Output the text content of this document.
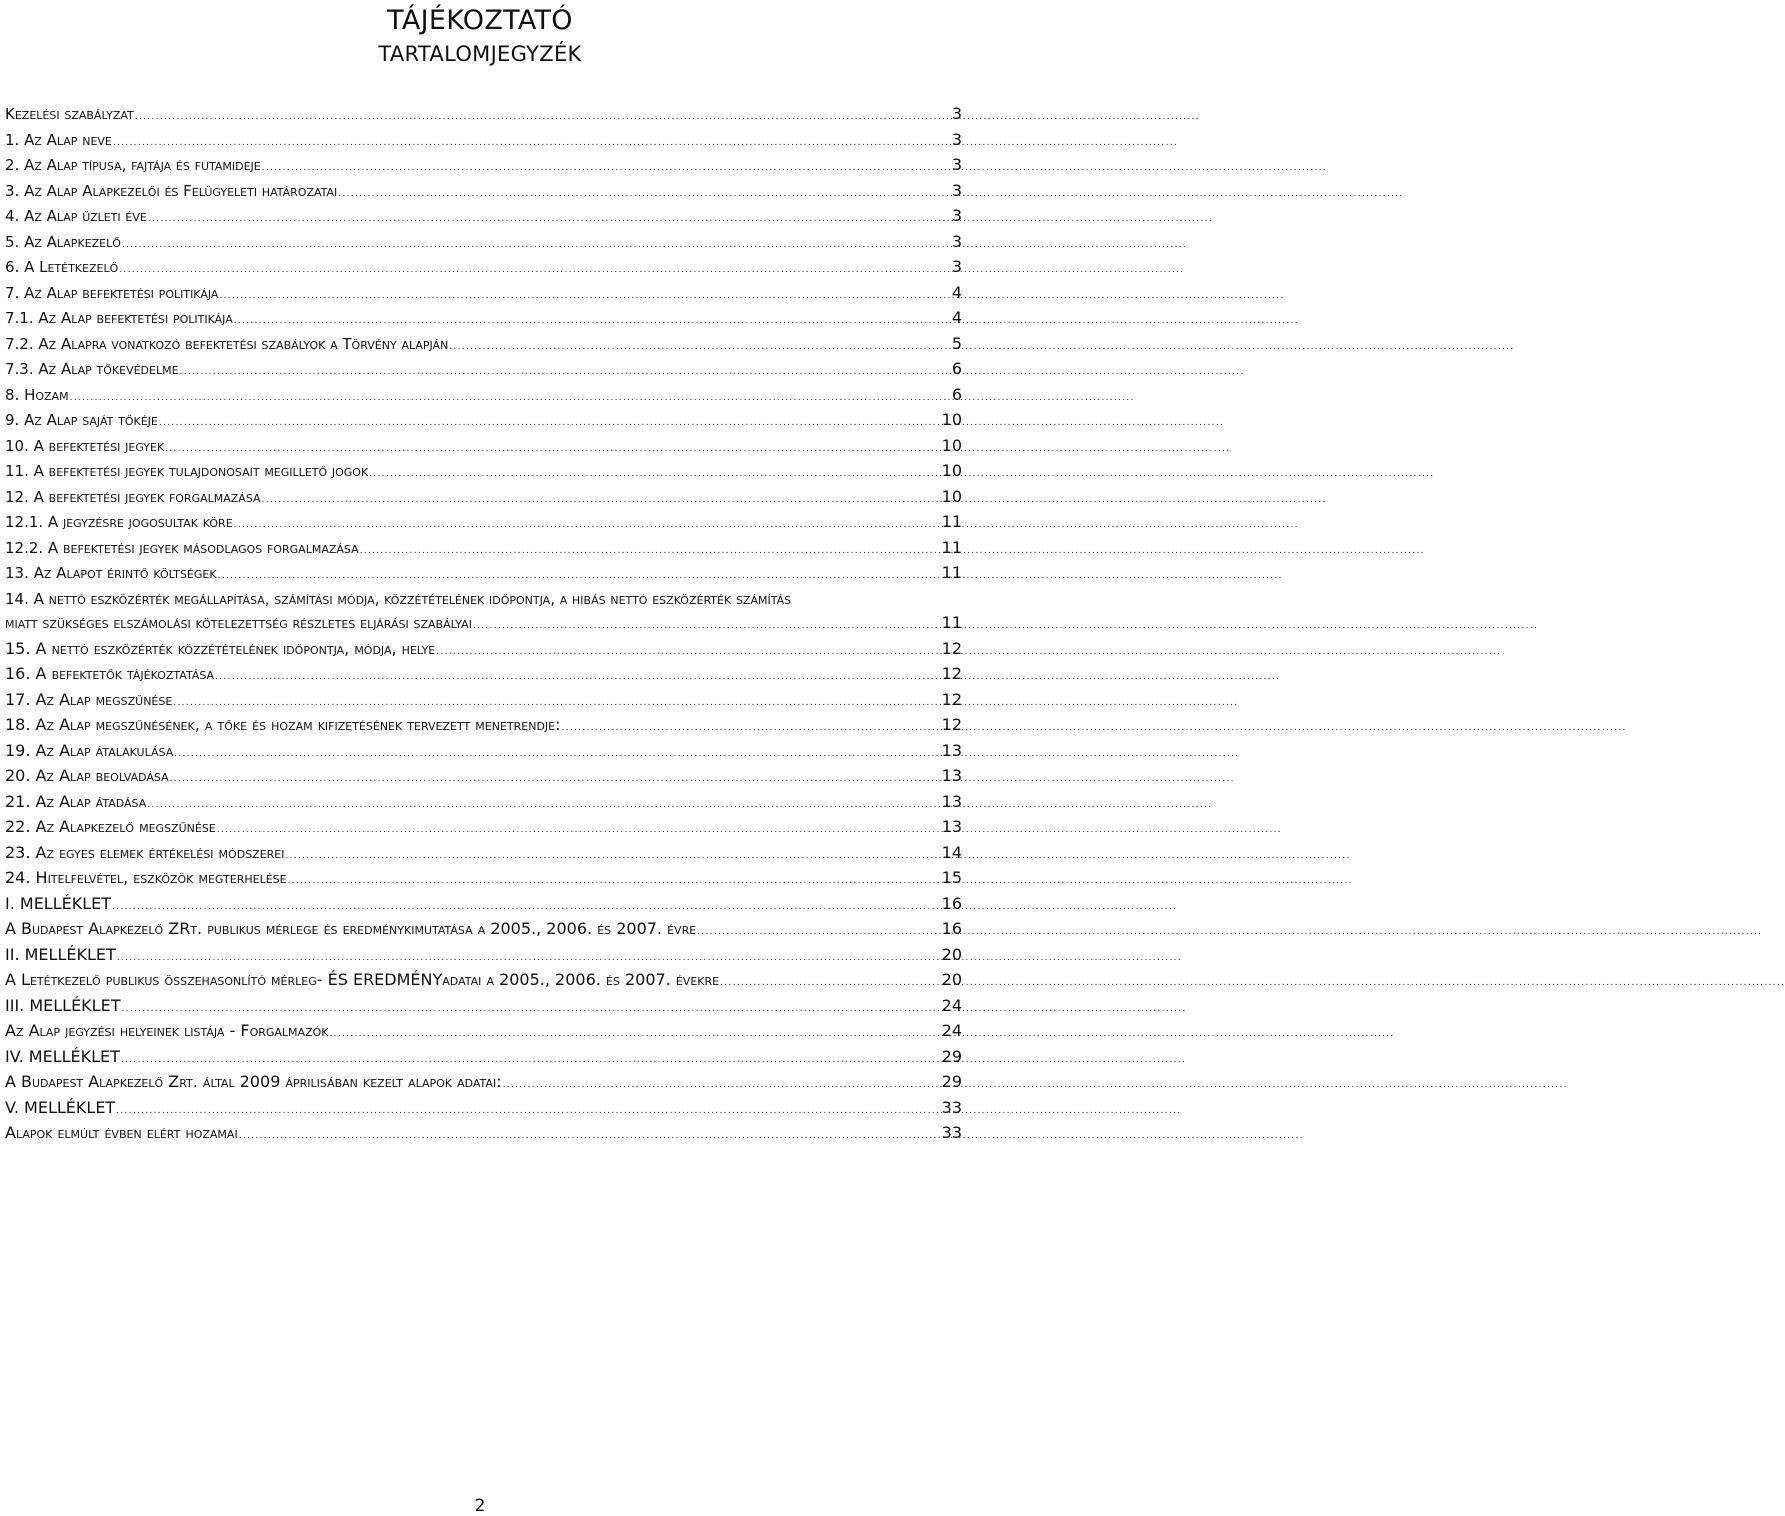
TÁJÉKOZTATÓ
TARTALOMJEGYZÉK
Kezelési szabályzat .....	3
1. Az Alap neve .....	3
2. Az Alap típusa, fajtája és futamideje .....	3
3. Az Alap Alapkezelői és Felügyeleti határozatai .....	3
4. Az Alap üzleti éve .....	3
5. Az Alapkezelő .....	3
6. A Letétkezelő .....	3
7. Az Alap befektetési politikája .....	4
7.1. Az Alap befektetési politikája .....	4
7.2. Az Alapra vonatkozó befektetési szabályok a Törvény alapján .....	5
7.3. Az Alap tőkevédelme .....	6
8. Hozam .....	6
9. Az Alap saját tőkéje .....	10
10. A befektetési jegyek .....	10
11. A befektetési jegyek tulajdonosait megillető jogok .....	10
12. A befektetési jegyek forgalmazása .....	10
12.1. A jegyzésre jogosultak köre .....	11
12.2. A befektetési jegyek másodlagos forgalmazása .....	11
13. Az Alapot érintő költségek .....	11
14. A nettó eszközérték megállapítása, számítási módja, közzétételének időpontja, a hibás nettó eszközérték számítás
miatt szükséges elszámolási kötelezettség részletes eljárási szabályai .....	11
15. A nettó eszközérték közzétételének időpontja, módja, helye .....	12
16. A befektetők tájékoztatása .....	12
17. Az Alap megszűnése .....	12
18. Az Alap megszűnésének, a tőke és hozam kifizetésének tervezett menetrendje: .....	12
19. Az Alap átalakulása .....	13
20. Az Alap beolvadása .....	13
21. Az Alap átadása .....	13
22. Az Alapkezelő megszűnése .....	13
23. Az egyes elemek értékelési módszerei .....	14
24. Hitelfelvétel, eszközök megterhelése .....	15
I. MELLÉKLET .....	16
A Budapest Alapkezelő ZRt. publikus mérlege és eredménykimutatása a 2005., 2006. és 2007. évre .....	16
II. MELLÉKLET .....	20
A Letétkezelő publikus összehasonlító mérleg- ÉS EREDMÉNYadatai a 2005., 2006. és 2007. évekre .....	20
III. MELLÉKLET .....	24
Az Alap jegyzési helyeinek listája - Forgalmazók .....	24
IV. MELLÉKLET .....	29
A Budapest Alapkezelő Zrt. által 2009 áprilisában kezelt alapok adatai: .....	29
V. MELLÉKLET .....	33
Alapok elmúlt évben elért hozamai .....	33
2
